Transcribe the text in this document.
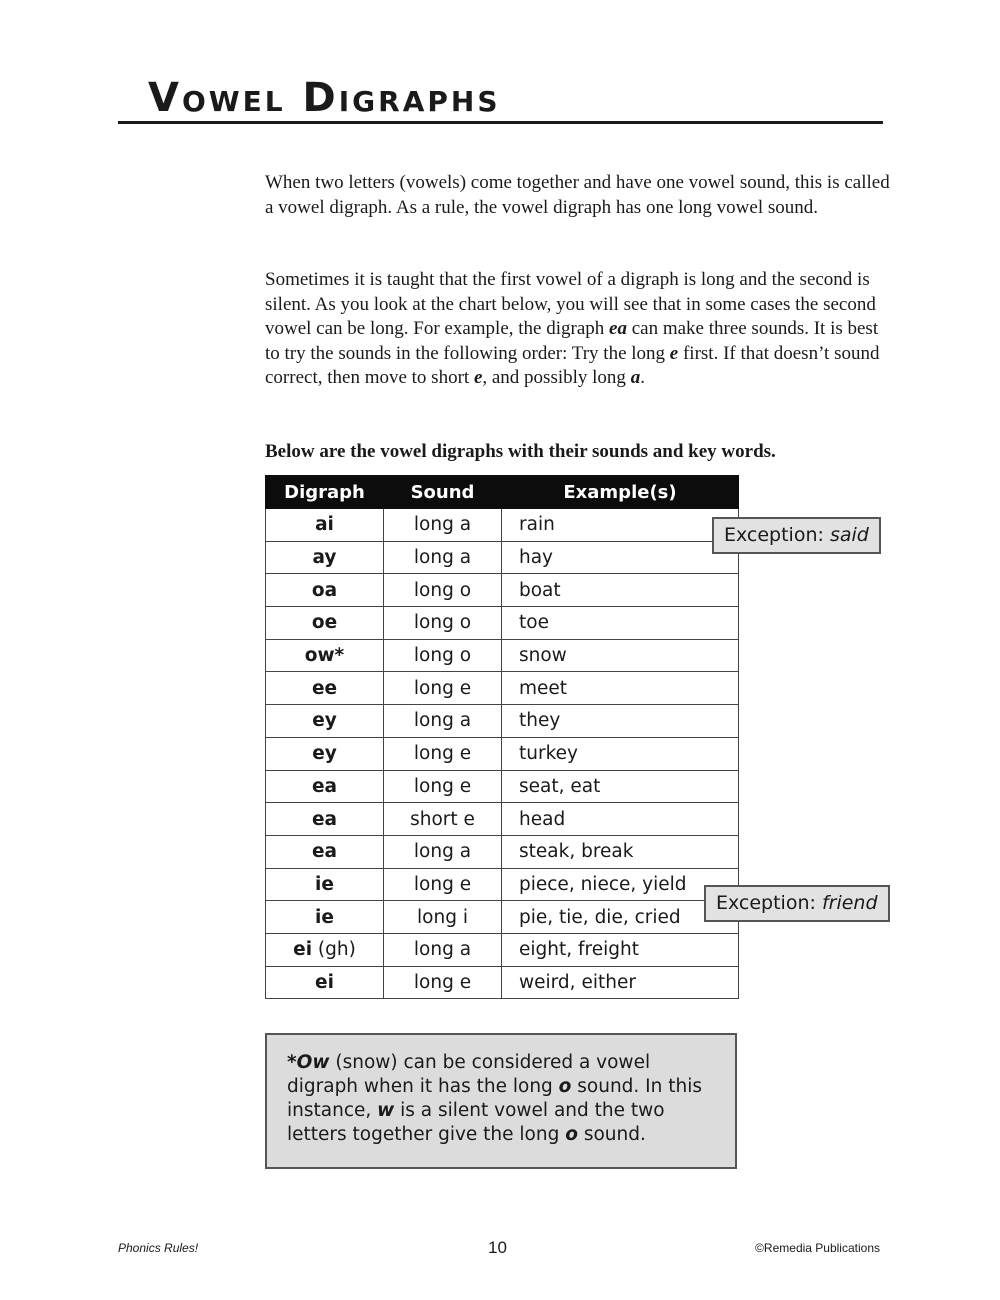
Vowel Digraphs

When two letters (vowels) come together and have one vowel sound, this is called a vowel digraph. As a rule, the vowel digraph has one long vowel sound.

Sometimes it is taught that the first vowel of a digraph is long and the second is silent. As you look at the chart below, you will see that in some cases the second vowel can be long. For example, the digraph ea can make three sounds. It is best to try the sounds in the following order: Try the long e first. If that doesn’t sound correct, then move to short e, and possibly long a.

Below are the vowel digraphs with their sounds and key words.

Digraph	Sound	Example(s)
ai	long a	rain
ay	long a	hay
oa	long o	boat
oe	long o	toe
ow*	long o	snow
ee	long e	meet
ey	long a	they
ey	long e	turkey
ea	long e	seat, eat
ea	short e	head
ea	long a	steak, break
ie	long e	piece, niece, yield
ie	long i	pie, tie, die, cried
ei (gh)	long a	eight, freight
ei	long e	weird, either
Exception: said
Exception: friend
*Ow (snow) can be considered a vowel digraph when it has the long o sound. In this instance, w is a silent vowel and the two letters together give the long o sound.
Phonics Rules!	10	©Remedia Publications
